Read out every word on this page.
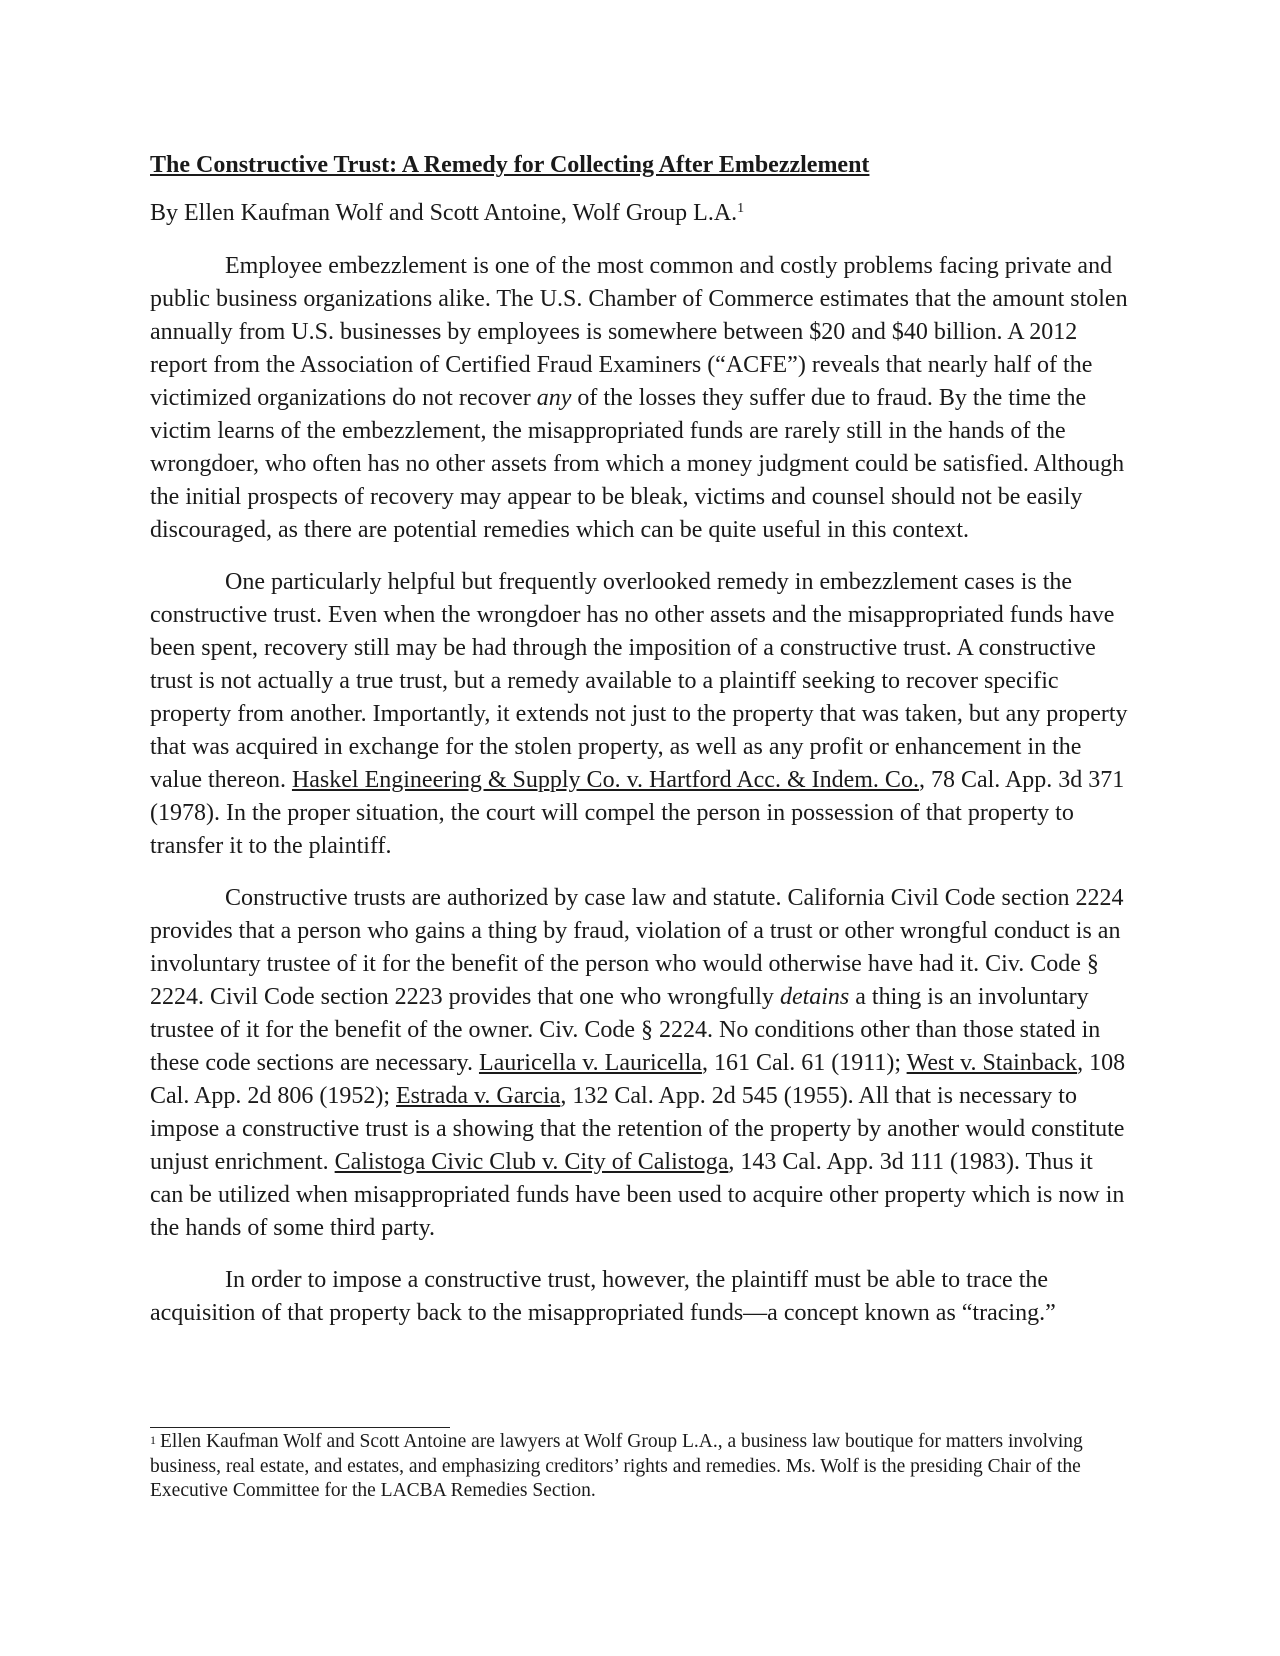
The Constructive Trust: A Remedy for Collecting After Embezzlement

By Ellen Kaufman Wolf and Scott Antoine, Wolf Group L.A.$^1$

Employee embezzlement is one of the most common and costly problems facing private and public business organizations alike. The U.S. Chamber of Commerce estimates that the amount stolen annually from U.S. businesses by employees is somewhere between $20 and $40 billion. A 2012 report from the Association of Certified Fraud Examiners (“ACFE”) reveals that nearly half of the victimized organizations do not recover any of the losses they suffer due to fraud. By the time the victim learns of the embezzlement, the misappropriated funds are rarely still in the hands of the wrongdoer, who often has no other assets from which a money judgment could be satisfied. Although the initial prospects of recovery may appear to be bleak, victims and counsel should not be easily discouraged, as there are potential remedies which can be quite useful in this context.

One particularly helpful but frequently overlooked remedy in embezzlement cases is the constructive trust. Even when the wrongdoer has no other assets and the misappropriated funds have been spent, recovery still may be had through the imposition of a constructive trust. A constructive trust is not actually a true trust, but a remedy available to a plaintiff seeking to recover specific property from another. Importantly, it extends not just to the property that was taken, but any property that was acquired in exchange for the stolen property, as well as any profit or enhancement in the value thereon. Haskel Engineering & Supply Co. v. Hartford Acc. & Indem. Co., 78 Cal. App. 3d 371 (1978). In the proper situation, the court will compel the person in possession of that property to transfer it to the plaintiff.

Constructive trusts are authorized by case law and statute. California Civil Code section 2224 provides that a person who gains a thing by fraud, violation of a trust or other wrongful conduct is an involuntary trustee of it for the benefit of the person who would otherwise have had it. Civ. Code § 2224. Civil Code section 2223 provides that one who wrongfully detains a thing is an involuntary trustee of it for the benefit of the owner. Civ. Code § 2224. No conditions other than those stated in these code sections are necessary. Lauricella v. Lauricella, 161 Cal. 61 (1911); West v. Stainback, 108 Cal. App. 2d 806 (1952); Estrada v. Garcia, 132 Cal. App. 2d 545 (1955). All that is necessary to impose a constructive trust is a showing that the retention of the property by another would constitute unjust enrichment. Calistoga Civic Club v. City of Calistoga, 143 Cal. App. 3d 111 (1983). Thus it can be utilized when misappropriated funds have been used to acquire other property which is now in the hands of some third party.

In order to impose a constructive trust, however, the plaintiff must be able to trace the acquisition of that property back to the misappropriated funds—a concept known as “tracing.”

$^1$ Ellen Kaufman Wolf and Scott Antoine are lawyers at Wolf Group L.A., a business law boutique for matters involving business, real estate, and estates, and emphasizing creditors’ rights and remedies. Ms. Wolf is the presiding Chair of the Executive Committee for the LACBA Remedies Section.
